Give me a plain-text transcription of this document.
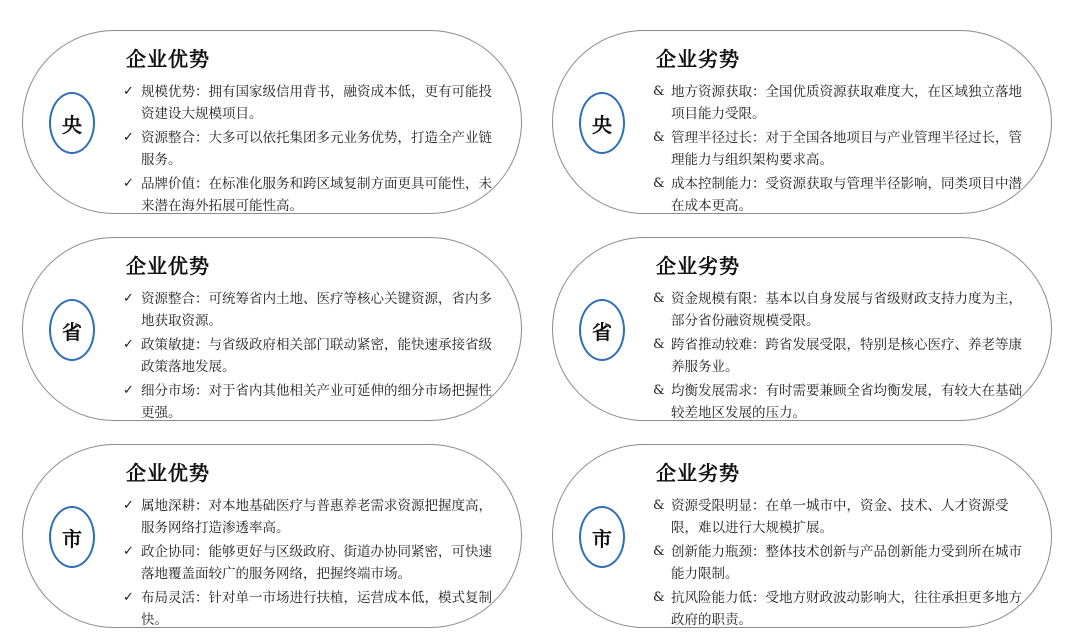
央
企业优势
✓ 规模优势：拥有国家级信用背书，融资成本低，更有可能投资建设大规模项目。
✓ 资源整合：大多可以依托集团多元业务优势，打造全产业链服务。
✓ 品牌价值：在标准化服务和跨区域复制方面更具可能性，未来潜在海外拓展可能性高。
央
企业劣势
& 地方资源获取：全国优质资源获取难度大，在区域独立落地项目能力受限。
& 管理半径过长：对于全国各地项目与产业管理半径过长，管理能力与组织架构要求高。
& 成本控制能力：受资源获取与管理半径影响，同类项目中潜在成本更高。
省
企业优势
✓ 资源整合：可统筹省内土地、医疗等核心关键资源，省内多地获取资源。
✓ 政策敏捷：与省级政府相关部门联动紧密，能快速承接省级政策落地发展。
✓ 细分市场：对于省内其他相关产业可延伸的细分市场把握性更强。
省
企业劣势
& 资金规模有限：基本以自身发展与省级财政支持力度为主，部分省份融资规模受限。
& 跨省推动较难：跨省发展受限，特别是核心医疗、养老等康养服务业。
& 均衡发展需求：有时需要兼顾全省均衡发展，有较大在基础较差地区发展的压力。
市
企业优势
✓ 属地深耕：对本地基础医疗与普惠养老需求资源把握度高，服务网络打造渗透率高。
✓ 政企协同：能够更好与区级政府、街道办协同紧密，可快速落地覆盖面较广的服务网络，把握终端市场。
✓ 布局灵活：针对单一市场进行扶植，运营成本低，模式复制快。
市
企业劣势
& 资源受限明显：在单一城市中，资金、技术、人才资源受限，难以进行大规模扩展。
& 创新能力瓶颈：整体技术创新与产品创新能力受到所在城市能力限制。
& 抗风险能力低：受地方财政波动影响大，往往承担更多地方政府的职责。
